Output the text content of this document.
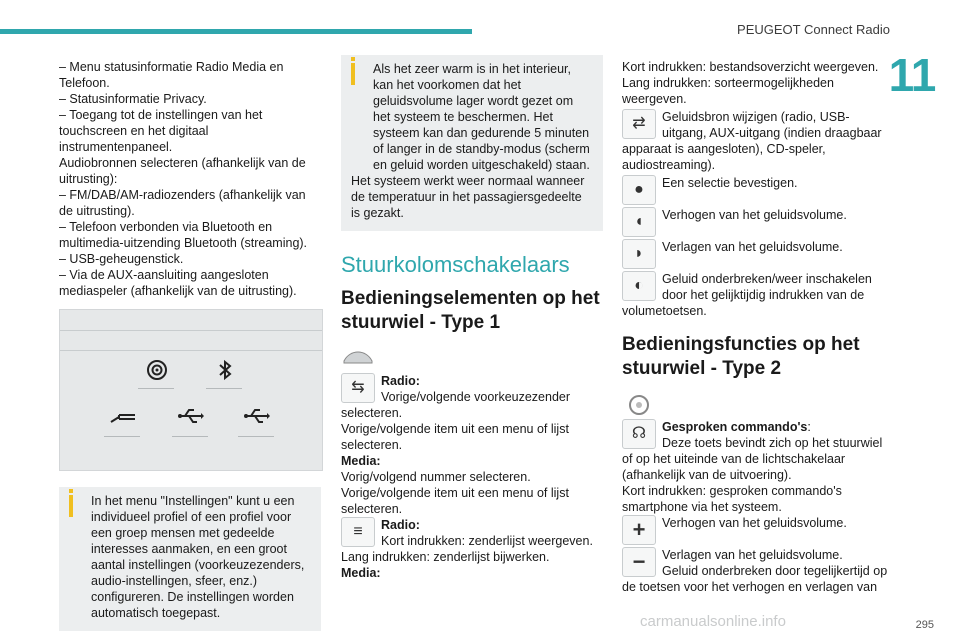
PEUGEOT Connect Radio
11

– Menu statusinformatie Radio Media en Telefoon.

– Statusinformatie Privacy.

– Toegang tot de instellingen van het touchscreen en het digitaal instrumentenpaneel.

Audiobronnen selecteren (afhankelijk van de uitrusting):

– FM/DAB/AM-radiozenders (afhankelijk van de uitrusting).

– Telefoon verbonden via Bluetooth en multimedia-uitzending Bluetooth (streaming).

– USB-geheugenstick.

– Via de AUX-aansluiting aangesloten mediaspeler (afhankelijk van de uitrusting).

In het menu "Instellingen" kunt u een individueel profiel of een profiel voor een groep mensen met gedeelde interesses aanmaken, en een groot aantal instellingen (voorkeuzezenders, audio-instellingen, sfeer, enz.) configureren. De instellingen worden automatisch toegepast.
Als het zeer warm is in het interieur, kan het voorkomen dat het geluidsvolume lager wordt gezet om het systeem te beschermen. Het systeem kan dan gedurende 5 minuten of langer in de standby-modus (scherm en geluid worden uitgeschakeld) staan.
Het systeem werkt weer normaal wanneer de temperatuur in het passagiersgedeelte is gezakt.
Stuurkolomschakelaars
Bedieningselementen op het stuurwiel - Type 1
⇆	Radio:
Vorige/volgende voorkeuzezender selecteren.
Vorige/volgende item uit een menu of lijst selecteren.
Media:
Vorig/volgend nummer selecteren.
Vorige/volgende item uit een menu of lijst selecteren.
≡	Radio:
Kort indrukken: zenderlijst weergeven.
Lang indrukken: zenderlijst bijwerken.
Media:

Kort indrukken: bestandsoverzicht weergeven. Lang indrukken: sorteermogelijkheden weergeven.

⇄	Geluidsbron wijzigen (radio, USB-uitgang, AUX-uitgang (indien draagbaar apparaat is aangesloten), CD-speler, audiostreaming).
●	Een selectie bevestigen.
◖	Verhogen van het geluidsvolume.
◗	Verlagen van het geluidsvolume.
◐	Geluid onderbreken/weer inschakelen door het gelijktijdig indrukken van de volumetoetsen.
Bedieningsfuncties op het stuurwiel - Type 2
☊	Gesproken commando's:
Deze toets bevindt zich op het stuurwiel of op het uiteinde van de lichtschakelaar (afhankelijk van de uitvoering).
Kort indrukken: gesproken commando's smartphone via het systeem.
+	Verhogen van het geluidsvolume.
−	Verlagen van het geluidsvolume.
Geluid onderbreken door tegelijkertijd op de toetsen voor het verhogen en verlagen van
carmanualsonline.info	295
